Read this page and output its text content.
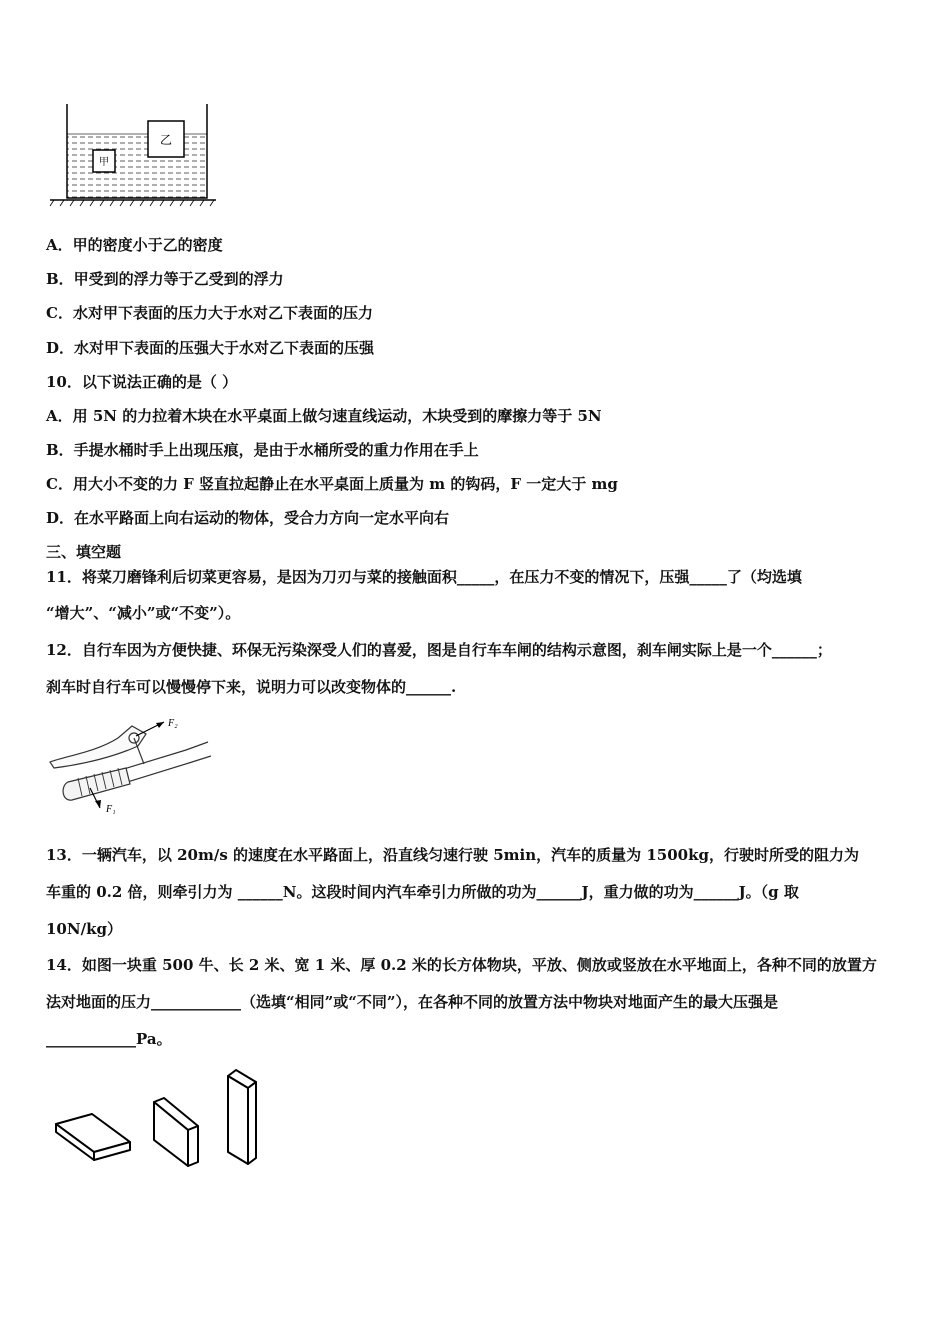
乙
甲
A．甲的密度小于乙的密度
B．甲受到的浮力等于乙受到的浮力
C．水对甲下表面的压力大于水对乙下表面的压力
D．水对甲下表面的压强大于水对乙下表面的压强
10．以下说法正确的是（ ）
A．用 5N 的力拉着木块在水平桌面上做匀速直线运动，木块受到的摩擦力等于 5N
B．手提水桶时手上出现压痕，是由于水桶所受的重力作用在手上
C．用大小不变的力 F 竖直拉起静止在水平桌面上质量为 m 的钩码，F 一定大于 mg
D．在水平路面上向右运动的物体，受合力方向一定水平向右
三、填空题
11．将菜刀磨锋利后切菜更容易，是因为刀刃与菜的接触面积_____，在压力不变的情况下，压强_____了（均选填
“增大”、“减小”或“不变”）。
12．自行车因为方便快捷、环保无污染深受人们的喜爱，图是自行车车闸的结构示意图，刹车闸实际上是一个______；
刹车时自行车可以慢慢停下来，说明力可以改变物体的______.
F₂
F₁
13．一辆汽车，以 20m/s 的速度在水平路面上，沿直线匀速行驶 5min，汽车的质量为 1500kg，行驶时所受的阻力为
车重的 0.2 倍，则牵引力为 ______N。这段时间内汽车牵引力所做的功为______J，重力做的功为______J。（g 取
10N/kg）
14．如图一块重 500 牛、长 2 米、宽 1 米、厚 0.2 米的长方体物块，平放、侧放或竖放在水平地面上，各种不同的放置方
法对地面的压力____________（选填“相同”或“不同”），在各种不同的放置方法中物块对地面产生的最大压强是
____________Pa。
